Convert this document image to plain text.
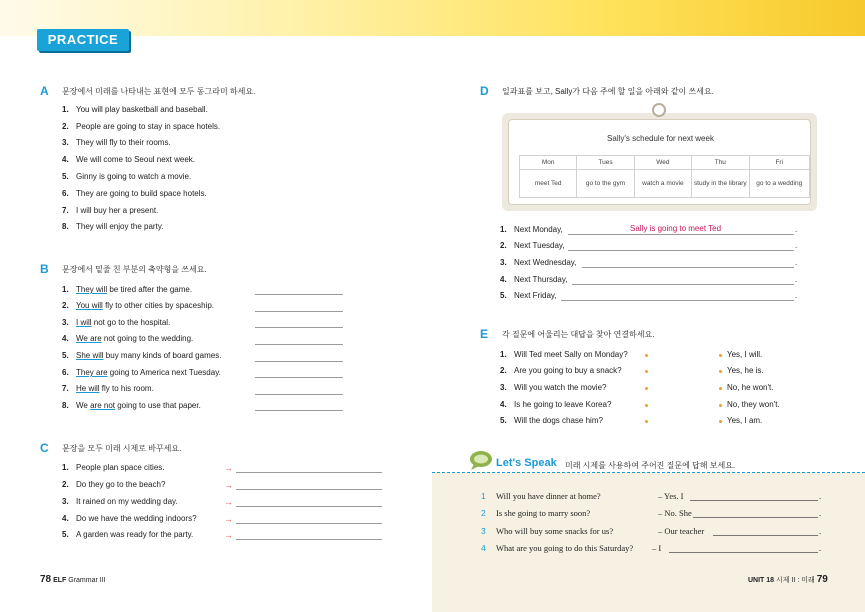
PRACTICE
A	문장에서 미래를 나타내는 표현에 모두 동그라미 하세요.
1. You will play basketball and baseball.
2. People are going to stay in space hotels.
3. They will fly to their rooms.
4. We will come to Seoul next week.
5. Ginny is going to watch a movie.
6. They are going to build space hotels.
7. I will buy her a present.
8. They will enjoy the party.
B	문장에서 밑줄 친 부분의 축약형을 쓰세요.
1. They will be tired after the game.
2. You will fly to other cities by spaceship.
3. I will not go to the hospital.
4. We are not going to the wedding.
5. She will buy many kinds of board games.
6. They are going to America next Tuesday.
7. He will fly to his room.
8. We are not going to use that paper.
C	문장을 모두 미래 시제로 바꾸세요.
1. People plan space cities.
2. Do they go to the beach?
3. It rained on my wedding day.
4. Do we have the wedding indoors?
5. A garden was ready for the party.
→
→
→
→
→
78 ELF Grammar III
D	일과표를 보고, Sally가 다음 주에 할 일을 아래와 같이 쓰세요.
Sally's schedule for next week
Mon	Tues	Wed	Thu	Fri
meet Ted	go to the gym	watch a movie	study in the library	go to a wedding
1. Next Monday,
2. Next Tuesday,
3. Next Wednesday,
4. Next Thursday,
5. Next Friday,
Sally is going to meet Ted	.
.
.
.
.
E	각 질문에 어울리는 대답을 찾아 연결하세요.
1. Will Ted meet Sally on Monday?
2. Are you going to buy a snack?
3. Will you watch the movie?
4. Is he going to leave Korea?
5. Will the dogs chase him?
Yes, I will.
Yes, he is.
No, he won't.
No, they won't.
Yes, I am.
Let's Speak 미래 시제를 사용하여 주어진 질문에 답해 보세요.
1
2
3
4
Will you have dinner at home?
Is she going to marry soon?
Who will buy some snacks for us?
What are you going to do this Saturday?
– Yes. I
– No. She
– Our teacher
– I
.
.
.
.
UNIT 18 시제 II : 미래 79
